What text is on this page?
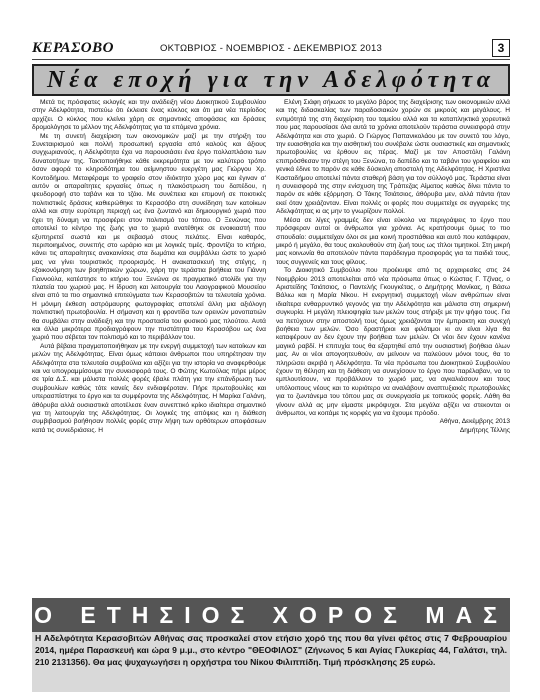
ΚΕΡΑΣΟΒΟ	ΟΚΤΩΒΡΙΟΣ - ΝΟΕΜΒΡΙΟΣ - ΔΕΚΕΜΒΡΙΟΣ 2013	3
Νέα εποχή για την Αδελφότητα

Μετά τις πρόσφατες εκλογές και την ανάδειξη νέου Διοικητικού Συμβουλίου στην Αδελφότητα, πιστεύω ότι έκλεισε ένας κύκλος και ότι μια νέα περίοδος αρχίζει. Ο κύκλος που κλείνει χάρη σε σημαντικές αποφάσεις και δράσεις δρομολόγησε το μέλλον της Αδελφότητας για τα επόμενα χρόνια.

Με τη συνετή διαχείριση των οικονομικών μαζί με την στήριξη του Συνεταιρισμού και πολλή προσωπική εργασία από καλούς και άξιους συγχωριανούς, η Αδελφότητα έχει να παρουσιάσει ένα έργο πολλαπλάσιο των δυνατοτήτων της. Τακτοποιήθηκε κάθε εκκρεμότητα με τον καλύτερο τρόπο όσον αφορά το κληροδότημα του αείμνηστου ευεργέτη μας Γιώργου Χρ. Κοντοδήμου. Μεταφέραμε το γραφείο στον ιδιόκτητο χώρο μας και έγιναν σ' αυτόν οι απαραίτητες εργασίες όπως η πλακόστρωση του δαπέδου, η ψευδοροφή στο ταβάνι και το τζάκι. Με συνέπεια και επιμονή σε ποιοτικές πολιτιστικές δράσεις καθιερώθηκε το Κερασόβο στη συνείδηση των κατοίκων αλλά και στην ευρύτερη περιοχή ως ένα ζωντανό και δημιουργικό χωριό που έχει τη δύναμη να προσφέρει στον πολιτισμό του τόπου. Ο Ξενώνας που αποτελεί το κέντρο της ζωής για το χωριό ανατέθηκε σε ενοικιαστή που εξυπηρετεί σωστά και με σεβασμό στους πελάτες. Είναι καθαρός, περιποιημένος, συνεπής στο ωράριο και με λογικές τιμές. Φροντίζει το κτήριο, κάνει τις απαραίτητες ανακαινίσεις στα δωμάτια και συμβάλλει ώστε το χωριό μας να γίνει τουριστικός προορισμός. Η ανακατασκευή της στέγης, η εξοικονόμηση των βοηθητικών χώρων, χάρη την τεράστια βοήθεια του Γιάννη Γιαννούλα, κατέστησε το κτήριο του Ξενώνα σε πραγματικό στολίδι για την πλατεία του χωριού μας. Η ίδρυση και λειτουργία του Λαογραφικού Μουσείου είναι από τα πιο σημαντικά επιτεύγματα των Κερασοβιτών τα τελευταία χρόνια. Η μόνιμη έκθεση αστρόμαυρης φωτογραφίας αποτελεί άλλη μια αξιόλογη πολιτιστική πρωτοβουλία. Η σήμανση και η φροντίδα των ορεινών μονοπατιών θα συμβάλει στην ανάδειξη και την προστασία του φυσικού μας πλούτου. Αυτά και άλλα μικρότερα προδιαγράφουν την πυστάτητα του Κερασόβου ως ένα χωριό που σέβεται τον πολιτισμό και το περιβάλλον του.

Αυτά βέβαια πραγματοποιήθηκαν με την ενεργή συμμετοχή των κατοίκων και μελών της Αδελφότητας. Είναι όμως κάποιοι άνθρωποι που υπηρέτησαν την Αδελφότητα στα τελευταία συμβούλια και αξίζει για την ιστορία να αναφερθούμε και να υπογραμμίσουμε την συνεισφορά τους. Ο Φώτης Κωτούλας πήρε μέρος σε τρία Δ.Σ. και μάλιστα πολλές φορές έβαλε πλάτη για την επάνδρωση των συμβουλίων καθώς τότε κανείς δεν ενδιαφέροταν. Πήρε πρωτοβουλίες και υπερασπίστηκε το έργο και τα συμφέροντα της Αδελφότητας. Η Μαρίκα Γαλάνη, άθόρυβα αλλά ουσιαστικά αποτέλεσε έναν συνεπτικό κρίκο ιδιαίτερα σημαντικό για τη λειτουργία της Αδελφότητας. Οι λογικές της απόψεις και η διάθεση συμβιβασμού βοήθησαν πολλές φορές στην λήψη των ορθότερων αποφάσεων κατά τις συνεδριάσεις. Η

Ελένη Σιάφη σήκωσε το μεγάλο βάρος της διαχείρισης των οικονομικών αλλά και της διδασκαλίας των παραδοσιακών χορών σε μικρούς και μεγάλους. Η εντιμότητά της στη διαχείριση του ταμείου αλλά και τα καταπληκτικά χορευτικά που μας παρουσίασε όλα αυτά τα χρόνια αποτελούν τεράστια συνεισφορά στην Αδελφότητα και στο χωριό. Ο Γιώργος Παπανικολάου με τον συνετό του λόγο, την ευαισθησία και την αισθητική του συνέβαλε ώστε ουσιαστικές και σημαντικές πρωτοβουλίες να έρθουν εις πέρας. Μαζί με τον Αποστόλη Γαλάνη επιπρόσθεσαν την στέγη του Ξενώνα, το δαπέδο και το ταβάνι του γραφείου και γενικά έδινε το παρόν σε κάθε δύσκολη αποστολή της Αδελφότητας. Η Χριστίνα Κασταδήμου αποτελεί πάντα σταθερή βάση για τον σύλλογό μας. Τεράστια είναι η συνεισφορά της στην ενίσχυση της Τράπεζας Αίματος καθώς δίνει πάντα το παρόν σε κάθε εξόρμηση. Ο Τάκης Τσιάτσιος, άθόρυβα μεν, αλλά πάντα ήταν εκεί όταν χρειάζονταν. Είναι πολλές οι φορές που συμμετείχε σε αγγαρείες της Αδελφότητας κι ας μην το γνωρίζουν πολλοί.

Μέσα σε λίγες γραμμές δεν είναι εύκολο να περιγράψεις το έργο που πρόσφεραν αυτοί οι άνθρωποι για χρόνια. Ας κρατήσουμε όμως το πιο σπουδαίο: συμμετείχαν όλοι σε μια κοινή προσπάθεια και αυτό που κατάφεραν, μικρό ή μεγάλο, θα τους ακολουθούν στη ζωή τους ως τίτλοι τιμητικοί. Στη μικρή μας κοινωνία θα αποτελούν πάντα παράδειγμα προσφοράς για τα παιδιά τους, τους συγγενείς και τους φίλους.

Το Διοικητικό Συμβούλιο που προέκυψε από τις αρχαιρεσίες στις 24 Νοεμβρίου 2013 αποτελείται από νέα πρόσωπα όπως ο Κώστας Γ. Τζίνας, ο Αριστείδης Τσιάτσιος, ο Παντελής Γκουγκέτας, ο Δημήτρης Μανίκας, η Βάσω Βάλιω και η Μαρία Νίκου. Η ενεργητική συμμετοχή νέων ανθρώπων είναι ιδιαίτερα ενθαρρυντικό γεγονός για την Αδελφότητα και μάλιστα στη σημερινή συγκυρία. Η μεγάλη πλειοψηφία των μελών τους στήριξε με την ψήφο τους. Για να πετύχουν στην αποστολή τους όμως χρειάζονται την έμπρακτη και συνεχή βοήθεια των μελών. Όσο δραστήριοι και φιλότιμοι κι αν είναι λίγα θα καταφέρουν αν δεν έχουν την βοήθεια των μελών. Οι νέοι δεν έχουν κανένα μαγικό ραβδί. Η επιτυχία τους θα εξαρτηθεί από την ουσιαστική βοήθεια όλων μας. Αν οι νέοι απογοητευθούν, αν μείνουν να παλεύουν μόνοι τους, θα το πληρώσει ακριβά η Αδελφότητα. Τα νέα πρόσωπα του Διοικητικού Συμβουλίου έχουν τη θέληση και τη διάθεση να συνεχίσουν το έργο που παρέλαβαν, να το εμπλουτίσουν, να προβάλλουν το χωριό μας, να αγκαλιάσουν και τους υπόλοιπους νέους και το κυριότερο να αναλάβουν αναπτυξιακές πρωτοβουλίες για το ζωντάνεμα του τόπου μας σε συνεργασία με τοπικούς φορείς. Λάθη θα γίνουν αλλά ας μην είμαστε μικρόψυχοι. Στα μεγάλα αξίζει να στεκονται οι άνθρωποι, να κοιτάμε τις κορφές για να έχουμε πρόοδο.

Αθήνα, Δεκέμβρης 2013

Δημήτρης Τέλλης

Ο ΕΤΗΣΙΟΣ ΧΟΡΟΣ ΜΑΣ
Η Αδελφότητα Κερασοβιτών Αθήνας σας προσκαλεί στον ετήσιο χορό της που θα γίνει φέτος στις 7 Φεβρουαρίου 2014, ημέρα Παρασκευή και ώρα 9 μ.μ., στο κέντρο "ΘΕΟΦΙΛΟΣ" (Ζήνωνος 5 και Αγίας Γλυκερίας 44, Γαλάτσι, τηλ. 210 2131356). Θα μας ψυχαγωγήσει η ορχήστρα του Νίκου Φιλιππίδη. Τιμή πρόσκλησης 25 ευρώ.
